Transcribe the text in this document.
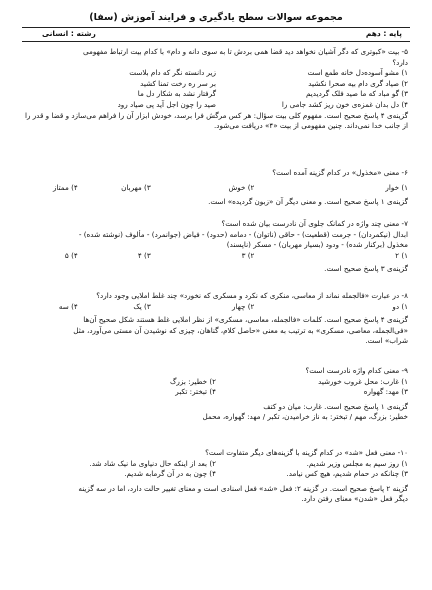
مجموعه سوالات سطح یادگیری و فرایند آموزش (سفا)
پایه : دهم
رشته : انسانی
۵- بیت «کبوتری که دگر آشیان نخواهد دید قضا همی بردش تا به سوی دانه و دام» با کدام بیت ارتباط مفهومی
دارد؟
۱) مشو آسوده‌دل‌ خانه طمع است
زیر دانسته نگر که دام بلاست
۲) صیاد گری دام بیه صحرا نکشید
بر سر ره رخت تمنا کشید
۳) گو مباد که ما صید فلک گردیدیم
گرفتار نشد به شکار دل ما
۴) دل بدان غمزه‌ی خون ریز کشد جامی را
صید را چون اجل آید پی صیاد رود
گزینه‌ی ۴ پاسخ صحیح است. مفهوم کلی بیت سؤال: هر کس مرگش فرا برسد، خودش ابزار آن را فراهم می‌سازد و قضا و قدر را از جانب خدا نمی‌داند. چنین مفهومی از بیت «۴» دریافت می‌شود.
۶- معنی «مخذول» در کدام گزینه آمده است؟
۱) خوار
۲) خوش
۳) مهربان
۴) ممتاز
گزینه‌ی ۱ پاسخ صحیح است. و معنی دیگر آن «زبون گردیده» است.
۷- معنی چند واژه در کمانک جلوی آن نادرست بیان شده است؟
ابدال (نیکمردان) - جرمت (قطعیت) - حاقی (ناتوان) - دمامه (حدود) - فیاض (جوانمرد) - مألوف (نوشته شده) -
مخذول (برکنار شده) - ودود (بسیار مهربان) - مسکر (ناپسند)
۱) ۲
۲) ۳
۳) ۴
۴) ۵
گزینه‌ی ۳ پاسخ صحیح است.
۸- در عبارت «فالجمله نماند از معاسی، منکری که نکرد و مسکری که نخورد» چند غلط املایی وجود دارد؟
۱) دو
۲) چهار
۳) یک
۴) سه
گزینه‌ی ۴ پاسخ صحیح است. کلمات «فالجمله، معاسی، مسکری» از نظر املایی غلط هستند شکل صحیح آن‌ها
«فی‌الجمله، معاصی، مسکری» به ترتیب به معنی «حاصل کلام، گناهان، چیزی که نوشیدن آن مستی می‌آورد، مثل
شراب» است.
۹- معنی کدام واژه نادرست است؟
۱) غارب: محل غروب خورشید
۲) خطیر: بزرگ
۳) مهد: گهواره
۴) تبختر: تکبر
گزینه‌ی ۱ پاسخ صحیح است. غارب: میان دو کتف
خطیر: بزرگ، مهم / تبختر: به ناز خرامیدن، تکبر / مهد: گهواره، محمل
۱۰- معنی فعل «شد» در کدام گزینه با گزینه‌های دیگر متفاوت است؟
۱) روز سیم به مجلس وزیر شدیم.
۲) بعد از اینکه حال دنیاوی ما نیک شاد شد.
۳) چنانکه در حمام شدیم، هیچ کس نیامد.
۴) چون به در آن گرمابه شدیم.
گزینه ۲ پاسخ صحیح است. در گزینه ۲: فعل «شد» فعل اسنادی است و معنای تغییر حالت دارد، اما در سه گزینه
دیگر فعل «شدن» معنای رفتن دارد.
